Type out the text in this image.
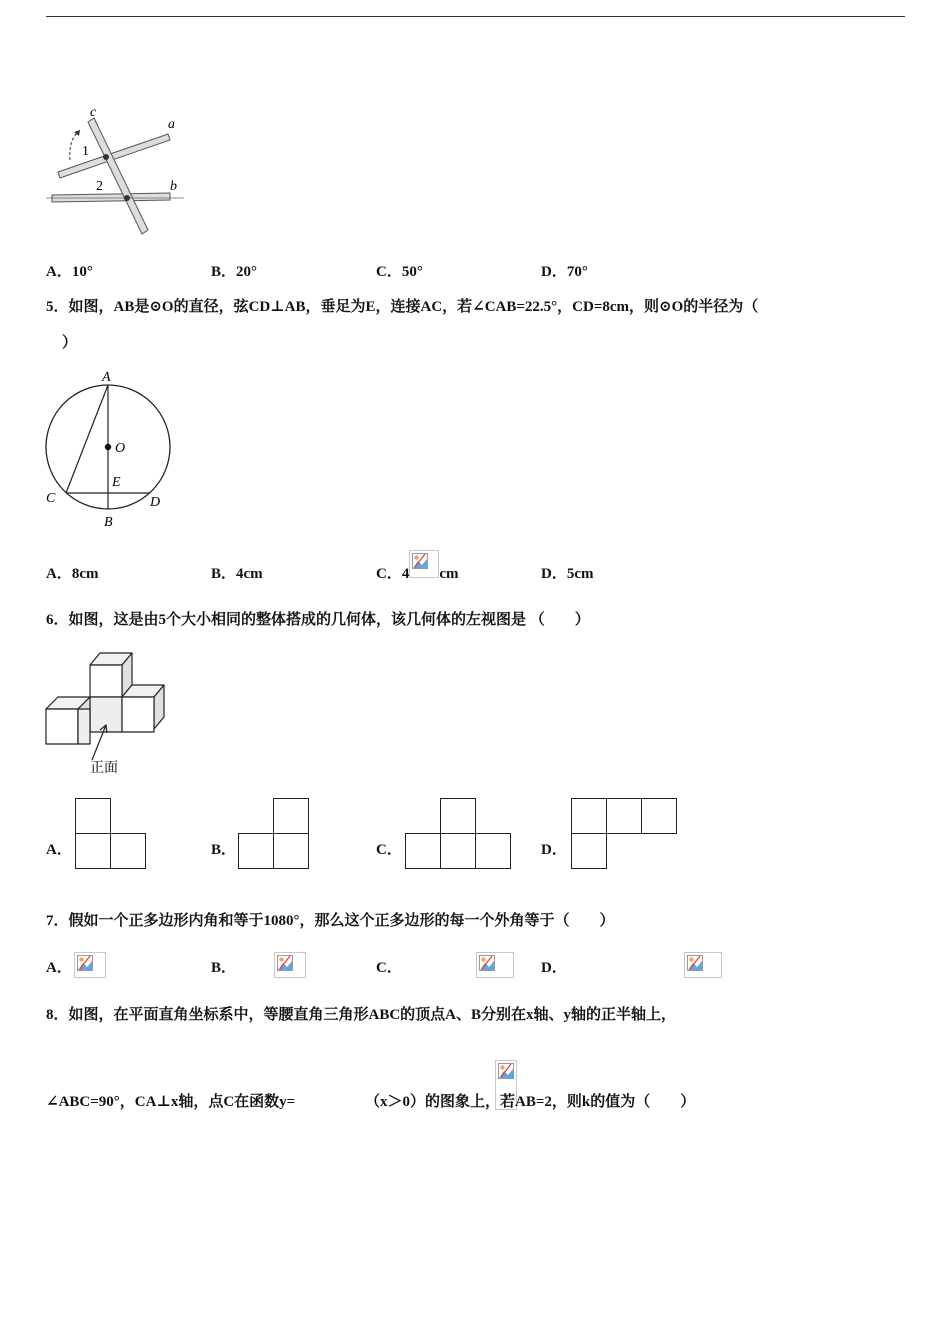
c
a
b
1
2
A．10°	B．20°	C．50°	D．70°
5．如图，AB是⊙O的直径，弦CD⊥AB，垂足为E，连接AC，若∠CAB=22.5°，CD=8cm，则⊙O的半径为（
）
A
O
E
C	D
B
A．8cm	B．4cm	C．4 cm	D．5cm
6．如图，这是由5个大小相同的整体搭成的几何体，该几何体的左视图是 （　　）
正面
A．	B．	C．	D．
7．假如一个正多边形内角和等于1080°，那么这个正多边形的每一个外角等于（　　）
A．
	B．
	C．
	D．

8．如图，在平面直角坐标系中，等腰直角三角形ABC的顶点A、B分别在x轴、y轴的正半轴上，
∠ABC=90°，CA⊥x轴，点C在函数y=	（x＞0）的图象上，若AB=2，则k的值为（　　）
